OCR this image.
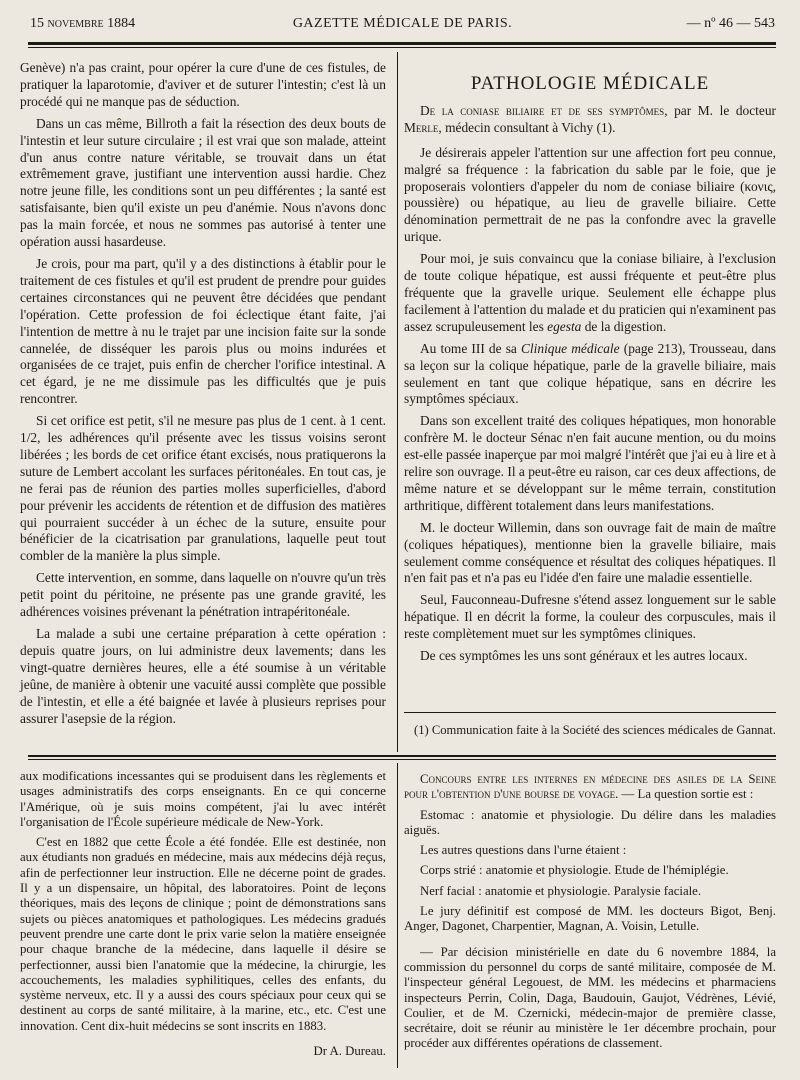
15 novembre 1884	GAZETTE MÉDICALE DE PARIS.	— nº 46 — 543

Genève) n'a pas craint, pour opérer la cure d'une de ces fistules, de pratiquer la laparotomie, d'aviver et de suturer l'intestin; c'est là un procédé qui ne manque pas de séduction.

Dans un cas même, Billroth a fait la résection des deux bouts de l'intestin et leur suture circulaire ; il est vrai que son malade, atteint d'un anus contre nature véritable, se trouvait dans un état extrêmement grave, justifiant une intervention aussi hardie. Chez notre jeune fille, les conditions sont un peu différentes ; la santé est satisfaisante, bien qu'il existe un peu d'anémie. Nous n'avons donc pas la main forcée, et nous ne sommes pas autorisé à tenter une opération aussi hasardeuse.

Je crois, pour ma part, qu'il y a des distinctions à établir pour le traitement de ces fistules et qu'il est prudent de prendre pour guides certaines circonstances qui ne peuvent être décidées que pendant l'opération. Cette profession de foi éclectique étant faite, j'ai l'intention de mettre à nu le trajet par une incision faite sur la sonde cannelée, de disséquer les parois plus ou moins indurées et organisées de ce trajet, puis enfin de chercher l'orifice intestinal. A cet égard, je ne me dissimule pas les difficultés que je puis rencontrer.

Si cet orifice est petit, s'il ne mesure pas plus de 1 cent. à 1 cent. 1/2, les adhérences qu'il présente avec les tissus voisins seront libérées ; les bords de cet orifice étant excisés, nous pratiquerons la suture de Lembert accolant les surfaces péritonéales. En tout cas, je ne ferai pas de réunion des parties molles superficielles, d'abord pour prévenir les accidents de rétention et de diffusion des matières qui pourraient succéder à un échec de la suture, ensuite pour bénéficier de la cicatrisation par granulations, laquelle peut tout combler de la manière la plus simple.

Cette intervention, en somme, dans laquelle on n'ouvre qu'un très petit point du péritoine, ne présente pas une grande gravité, les adhérences voisines prévenant la pénétration intrapéritonéale.

La malade a subi une certaine préparation à cette opération : depuis quatre jours, on lui administre deux lavements; dans les vingt-quatre dernières heures, elle a été soumise à un véritable jeûne, de manière à obtenir une vacuité aussi complète que possible de l'intestin, et elle a été baignée et lavée à plusieurs reprises pour assurer l'asepsie de la région.

PATHOLOGIE MÉDICALE

De la coniase biliaire et de ses symptômes, par M. le docteur Merle, médecin consultant à Vichy (1).

Je désirerais appeler l'attention sur une affection fort peu connue, malgré sa fréquence : la fabrication du sable par le foie, que je proposerais volontiers d'appeler du nom de coniase biliaire (κονις, poussière) ou hépatique, au lieu de gravelle biliaire. Cette dénomination permettrait de ne pas la confondre avec la gravelle urique.

Pour moi, je suis convaincu que la coniase biliaire, à l'exclusion de toute colique hépatique, est aussi fréquente et peut-être plus fréquente que la gravelle urique. Seulement elle échappe plus facilement à l'attention du malade et du praticien qui n'examinent pas assez scrupuleusement les egesta de la digestion.

Au tome III de sa Clinique médicale (page 213), Trousseau, dans sa leçon sur la colique hépatique, parle de la gravelle biliaire, mais seulement en tant que colique hépatique, sans en décrire les symptômes spéciaux.

Dans son excellent traité des coliques hépatiques, mon honorable confrère M. le docteur Sénac n'en fait aucune mention, ou du moins est-elle passée inaperçue par moi malgré l'intérêt que j'ai eu à lire et à relire son ouvrage. Il a peut-être eu raison, car ces deux affections, de même nature et se développant sur le même terrain, constitution arthritique, diffèrent totalement dans leurs manifestations.

M. le docteur Willemin, dans son ouvrage fait de main de maître (coliques hépatiques), mentionne bien la gravelle biliaire, mais seulement comme conséquence et résultat des coliques hépatiques. Il n'en fait pas et n'a pas eu l'idée d'en faire une maladie essentielle.

Seul, Fauconneau-Dufresne s'étend assez longuement sur le sable hépatique. Il en décrit la forme, la couleur des corpuscules, mais il reste complètement muet sur les symptômes cliniques.

De ces symptômes les uns sont généraux et les autres locaux.

(1) Communication faite à la Société des sciences médicales de Gannat.

aux modifications incessantes qui se produisent dans les règlements et usages administratifs des corps enseignants. En ce qui concerne l'Amérique, où je suis moins compétent, j'ai lu avec intérêt l'organisation de l'École supérieure médicale de New-York.

C'est en 1882 que cette École a été fondée. Elle est destinée, non aux étudiants non gradués en médecine, mais aux médecins déjà reçus, afin de perfectionner leur instruction. Elle ne décerne point de grades. Il y a un dispensaire, un hôpital, des laboratoires. Point de leçons théoriques, mais des leçons de clinique ; point de démonstrations sans sujets ou pièces anatomiques et pathologiques. Les médecins gradués peuvent prendre une carte dont le prix varie selon la matière enseignée pour chaque branche de la médecine, dans laquelle il désire se perfectionner, aussi bien l'anatomie que la médecine, la chirurgie, les accouchements, les maladies syphilitiques, celles des enfants, du système nerveux, etc. Il y a aussi des cours spéciaux pour ceux qui se destinent au corps de santé militaire, à la marine, etc., etc. C'est une innovation. Cent dix-huit médecins se sont inscrits en 1883.

Dr A. Dureau.

Concours entre les internes en médecine des asiles de la Seine pour l'obtention d'une bourse de voyage. — La question sortie est :

Estomac : anatomie et physiologie. Du délire dans les maladies aiguës.

Les autres questions dans l'urne étaient :

Corps strié : anatomie et physiologie. Etude de l'hémiplégie.

Nerf facial : anatomie et physiologie. Paralysie faciale.

Le jury définitif est composé de MM. les docteurs Bigot, Benj. Anger, Dagonet, Charpentier, Magnan, A. Voisin, Letulle.

— Par décision ministérielle en date du 6 novembre 1884, la commission du personnel du corps de santé militaire, composée de M. l'inspecteur général Legouest, de MM. les médecins et pharmaciens inspecteurs Perrin, Colin, Daga, Baudouin, Gaujot, Védrènes, Lévié, Coulier, et de M. Czernicki, médecin-major de première classe, secrétaire, doit se réunir au ministère le 1er décembre prochain, pour procéder aux différentes opérations de classement.
